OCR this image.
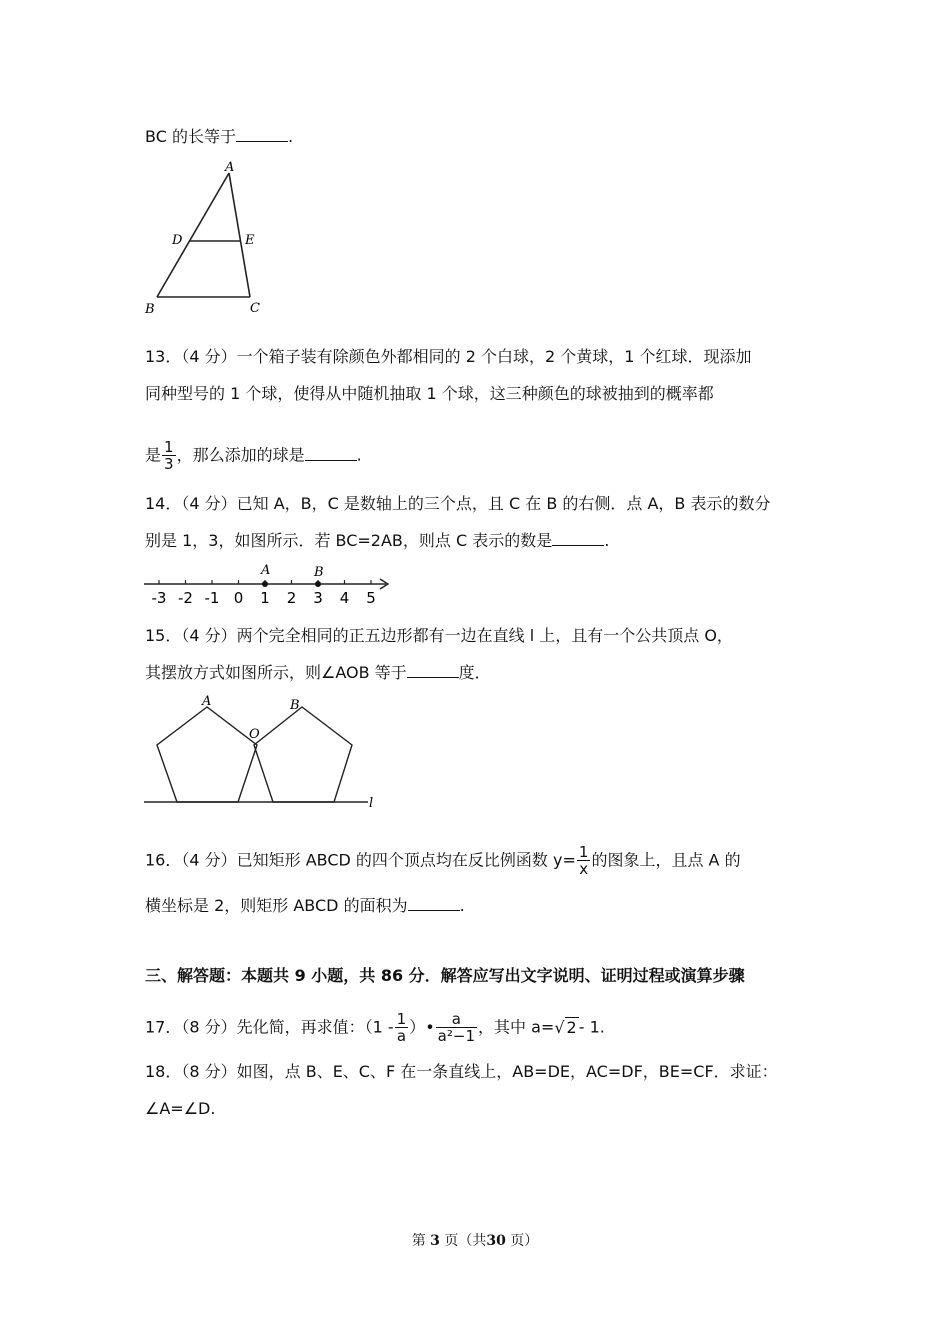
BC 的长等于	.
A
D	E
B	C
13．（4 分）一个箱子装有除颜色外都相同的 2 个白球，2 个黄球，1 个红球．现添加
同种型号的 1 个球，使得从中随机抽取 1 个球，这三种颜色的球被抽到的概率都
是 $\frac{1}{3}$ ，那么添加的球是	.
14．（4 分）已知 A，B，C 是数轴上的三个点，且 C 在 B 的右侧．点 A，B 表示的数分
别是 1，3，如图所示．若 BC=2AB，则点 C 表示的数是	.
-3 -2 -1 0 1 2 3 4 5
A	B
15．（4 分）两个完全相同的正五边形都有一边在直线 l 上，且有一个公共顶点 O，
其摆放方式如图所示，则∠AOB 等于	度．
A
O
B
l
16．（4 分）已知矩形 ABCD 的四个顶点均在反比例函数 $y= \frac{1}{x}$ 的图象上，且点 A 的
横坐标是 2，则矩形 ABCD 的面积为	.
三、解答题：本题共 9 小题，共 86 分．解答应写出文字说明、证明过程或演算步骤
17．（8 分）先化简，再求值：（$1 - \frac{1}{a}$ ）• $\frac{a}{\text{a²−1}}$ ，其中 a=√ 2 - 1.
18．（8 分）如图，点 B、E、C、F 在一条直线上，AB=DE，AC=DF，BE=CF．求证：
∠A=∠D.
第 3 页（共30 页）
